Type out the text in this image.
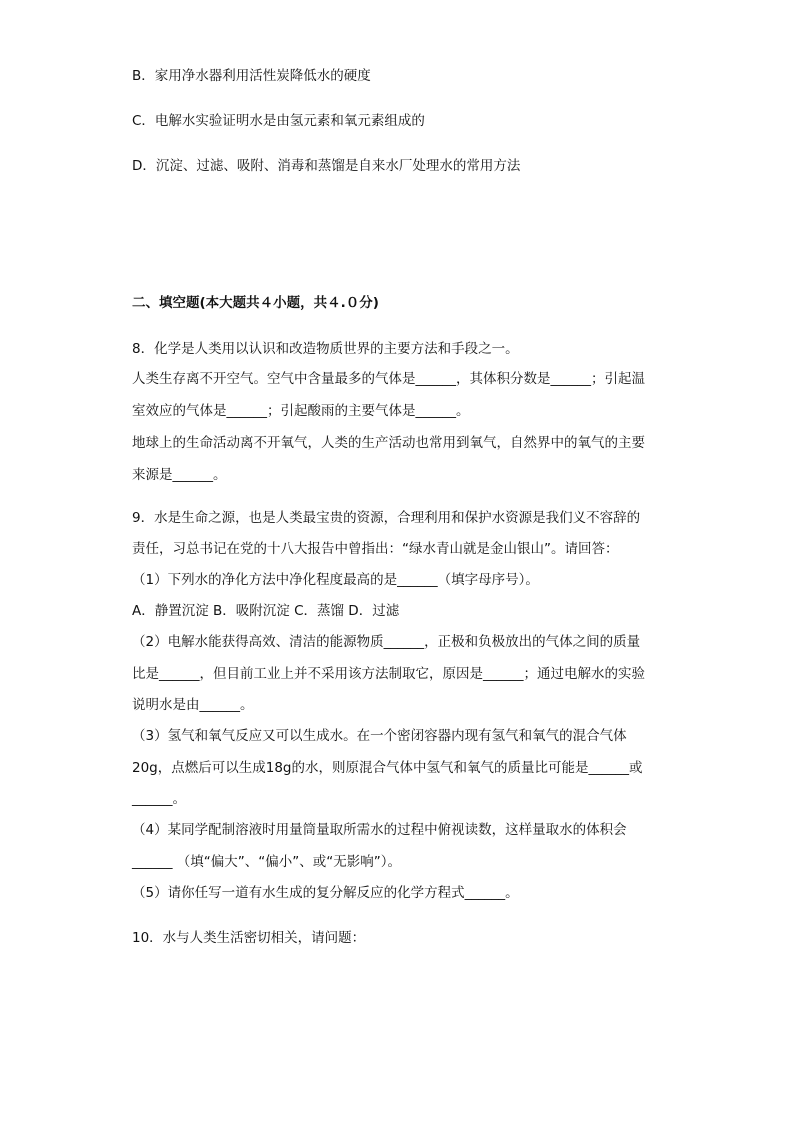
B．家用净水器利用活性炭降低水的硬度
C．电解水实验证明水是由氢元素和氧元素组成的
D．沉淀、过滤、吸附、消毒和蒸馏是自来水厂处理水的常用方法
二、填空题(本大题共４小题，共４.０分)
8．化学是人类用以认识和改造物质世界的主要方法和手段之一。
人类生存离不开空气。空气中含量最多的气体是______，其体积分数是______；引起温
室效应的气体是______；引起酸雨的主要气体是______。
地球上的生命活动离不开氧气，人类的生产活动也常用到氧气，自然界中的氧气的主要
来源是______。
9．水是生命之源，也是人类最宝贵的资源，合理利用和保护水资源是我们义不容辞的
责任，习总书记在党的十八大报告中曾指出：“绿水青山就是金山银山”。请回答：
（1）下列水的净化方法中净化程度最高的是______（填字母序号）。
A．静置沉淀 B．吸附沉淀 C．蒸馏 D．过滤
（2）电解水能获得高效、清洁的能源物质______，正极和负极放出的气体之间的质量
比是______，但目前工业上并不采用该方法制取它，原因是______；通过电解水的实验
说明水是由______。
（3）氢气和氧气反应又可以生成水。在一个密闭容器内现有氢气和氧气的混合气体
20g，点燃后可以生成18g的水，则原混合气体中氢气和氧气的质量比可能是______或
______。
（4）某同学配制溶液时用量筒量取所需水的过程中俯视读数，这样量取水的体积会
______ （填“偏大”、“偏小”、或“无影响”）。
（5）请你任写一道有水生成的复分解反应的化学方程式______。
10．水与人类生活密切相关，请问题：
